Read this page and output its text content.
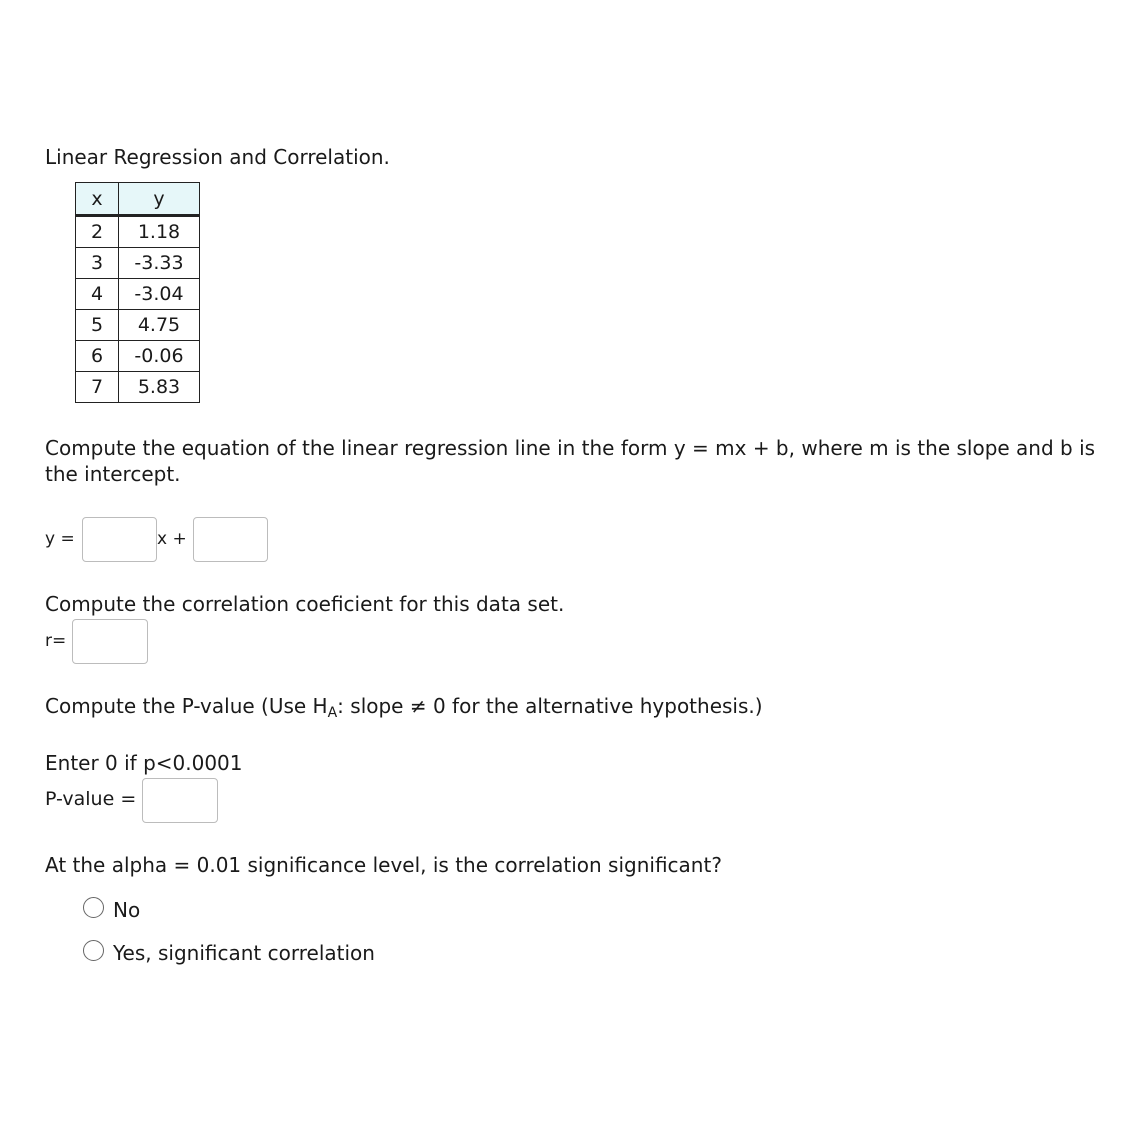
Linear Regression and Correlation.
x	y
2	1.18
3	-3.33
4	-3.04
5	4.75
6	-0.06
7	5.83
Compute the equation of the linear regression line in the form y = mx + b, where m is the slope and b is the intercept.
y =	x +
Compute the correlation coeficient for this data set.
r=
Compute the P-value (Use $H_A$: slope ≠ 0 for the alternative hypothesis.)
Enter 0 if p<0.0001
P-value =
At the alpha = 0.01 significance level, is the correlation significant?
No
Yes, significant correlation
